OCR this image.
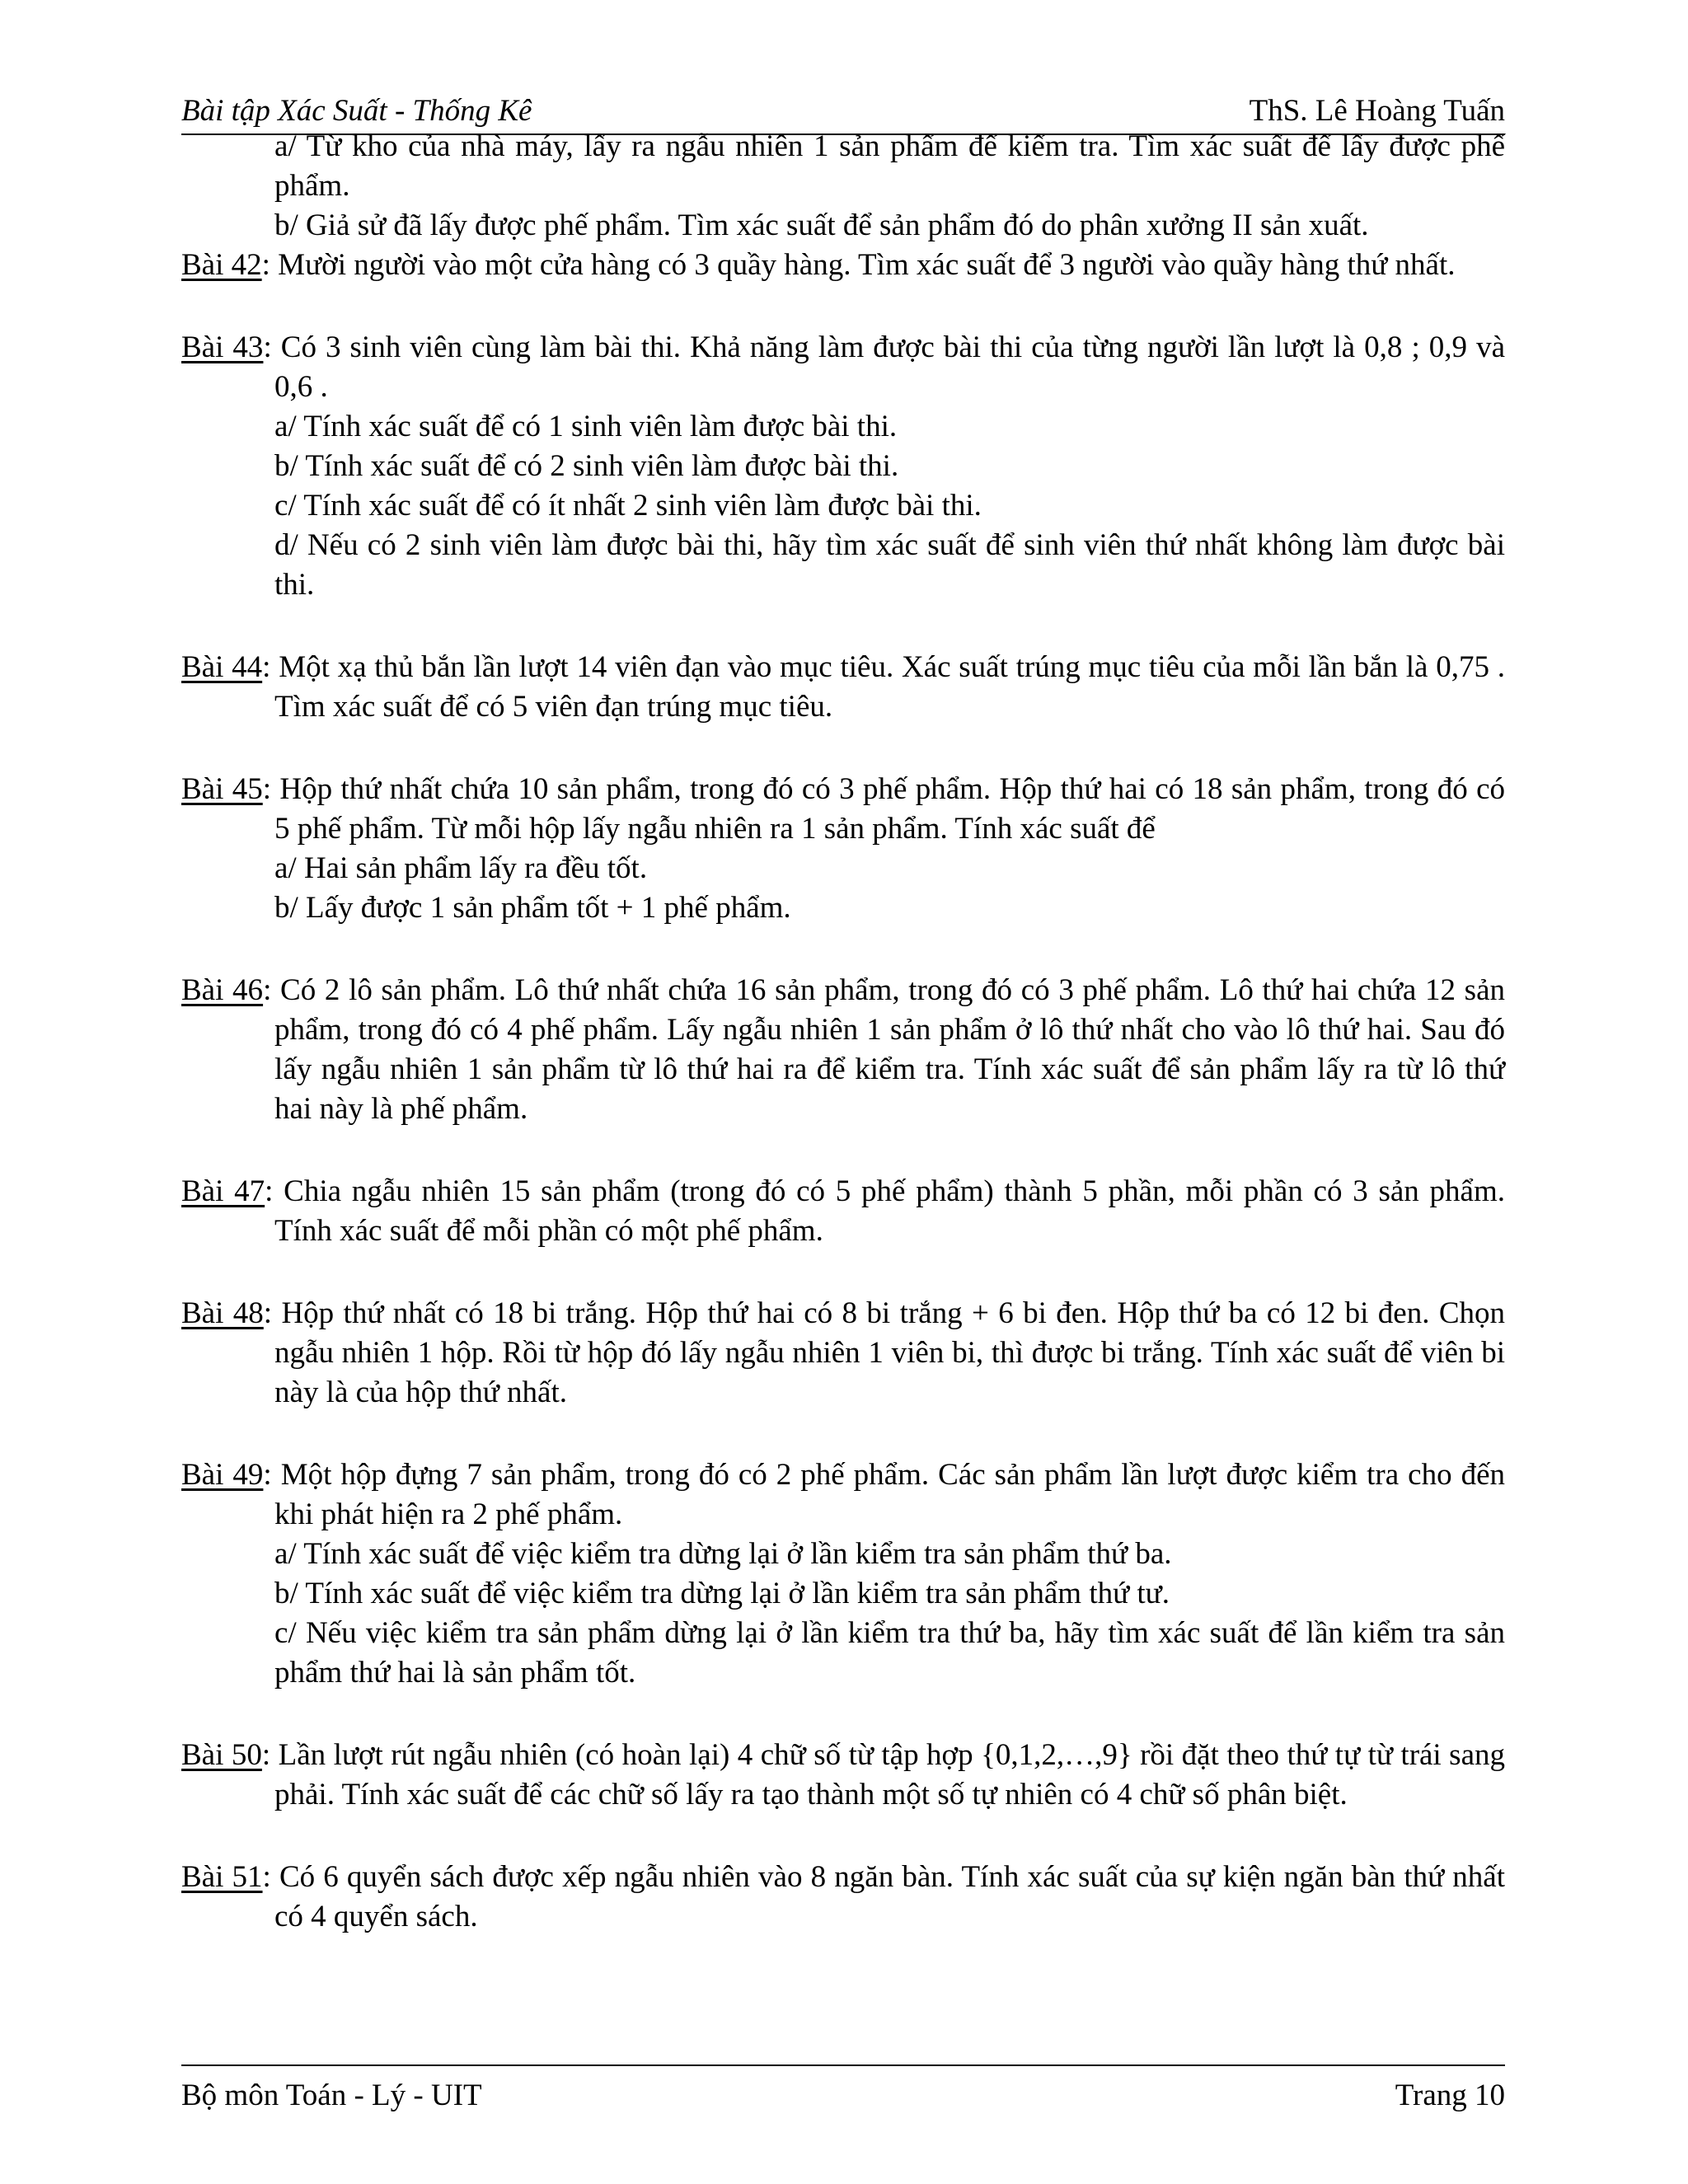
Bài tập Xác Suất - Thống Kê	ThS. Lê Hoàng Tuấn

a/ Từ kho của nhà máy, lấy ra ngẫu nhiên 1 sản phẩm để kiểm tra. Tìm xác suất để lấy được phế phẩm.

b/ Giả sử đã lấy được phế phẩm. Tìm xác suất để sản phẩm đó do phân xưởng II sản xuất.

Bài 42: Mười người vào một cửa hàng có 3 quầy hàng. Tìm xác suất để 3 người vào quầy hàng thứ nhất.

Bài 43: Có 3 sinh viên cùng làm bài thi. Khả năng làm được bài thi của từng người lần lượt là 0,8 ; 0,9 và 0,6 .

a/ Tính xác suất để có 1 sinh viên làm được bài thi.

b/ Tính xác suất để có 2 sinh viên làm được bài thi.

c/ Tính xác suất để có ít nhất 2 sinh viên làm được bài thi.

d/ Nếu có 2 sinh viên làm được bài thi, hãy tìm xác suất để sinh viên thứ nhất không làm được bài thi.

Bài 44: Một xạ thủ bắn lần lượt 14 viên đạn vào mục tiêu. Xác suất trúng mục tiêu của mỗi lần bắn là 0,75 . Tìm xác suất để có 5 viên đạn trúng mục tiêu.

Bài 45: Hộp thứ nhất chứa 10 sản phẩm, trong đó có 3 phế phẩm. Hộp thứ hai có 18 sản phẩm, trong đó có 5 phế phẩm. Từ mỗi hộp lấy ngẫu nhiên ra 1 sản phẩm. Tính xác suất để

a/ Hai sản phẩm lấy ra đều tốt.

b/ Lấy được 1 sản phẩm tốt + 1 phế phẩm.

Bài 46: Có 2 lô sản phẩm. Lô thứ nhất chứa 16 sản phẩm, trong đó có 3 phế phẩm. Lô thứ hai chứa 12 sản phẩm, trong đó có 4 phế phẩm. Lấy ngẫu nhiên 1 sản phẩm ở lô thứ nhất cho vào lô thứ hai. Sau đó lấy ngẫu nhiên 1 sản phẩm từ lô thứ hai ra để kiểm tra. Tính xác suất để sản phẩm lấy ra từ lô thứ hai này là phế phẩm.

Bài 47: Chia ngẫu nhiên 15 sản phẩm (trong đó có 5 phế phẩm) thành 5 phần, mỗi phần có 3 sản phẩm. Tính xác suất để mỗi phần có một phế phẩm.

Bài 48: Hộp thứ nhất có 18 bi trắng. Hộp thứ hai có 8 bi trắng + 6 bi đen. Hộp thứ ba có 12 bi đen. Chọn ngẫu nhiên 1 hộp. Rồi từ hộp đó lấy ngẫu nhiên 1 viên bi, thì được bi trắng. Tính xác suất để viên bi này là của hộp thứ nhất.

Bài 49: Một hộp đựng 7 sản phẩm, trong đó có 2 phế phẩm. Các sản phẩm lần lượt được kiểm tra cho đến khi phát hiện ra 2 phế phẩm.

a/ Tính xác suất để việc kiểm tra dừng lại ở lần kiểm tra sản phẩm thứ ba.

b/ Tính xác suất để việc kiểm tra dừng lại ở lần kiểm tra sản phẩm thứ tư.

c/ Nếu việc kiểm tra sản phẩm dừng lại ở lần kiểm tra thứ ba, hãy tìm xác suất để lần kiểm tra sản phẩm thứ hai là sản phẩm tốt.

Bài 50: Lần lượt rút ngẫu nhiên (có hoàn lại) 4 chữ số từ tập hợp {0,1,2,…,9} rồi đặt theo thứ tự từ trái sang phải. Tính xác suất để các chữ số lấy ra tạo thành một số tự nhiên có 4 chữ số phân biệt.

Bài 51: Có 6 quyển sách được xếp ngẫu nhiên vào 8 ngăn bàn. Tính xác suất của sự kiện ngăn bàn thứ nhất có 4 quyển sách.

Bộ môn Toán - Lý - UIT	Trang 10
